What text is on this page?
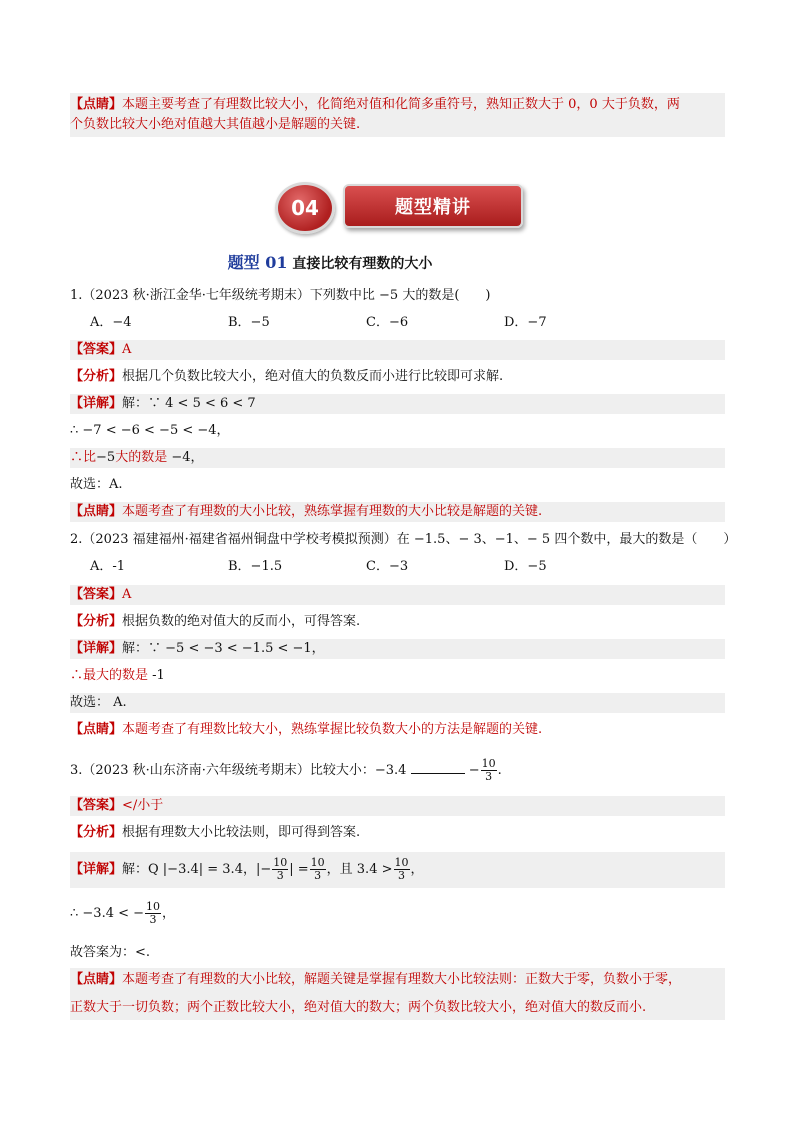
04	题型精讲
题型 01 直接比较有理数的大小
【点睛】本题主要考查了有理数比较大小，化简绝对值和化简多重符号，熟知正数大于 0，0 大于负数，两
个负数比较大小绝对值越大其值越小是解题的关键.
1.（2023 秋·浙江金华·七年级统考期末）下列数中比 −5 大的数是(　　)
A．−4	B．−5	C．−6	D．−7
【答案】A
【分析】根据几个负数比较大小，绝对值大的负数反而小进行比较即可求解.
【详解】解：∵ 4 < 5 < 6 < 7
∴ −7 < −6 < −5 < −4，
∴比−5大的数是 −4，
故选：A.
【点睛】本题考查了有理数的大小比较，熟练掌握有理数的大小比较是解题的关键.
2.（2023 福建福州·福建省福州铜盘中学校考模拟预测）在 −1.5、− 3、−1、− 5 四个数中，最大的数是（　　）
A．-1	B．−1.5	C．−3	D．−5
【答案】A
【分析】根据负数的绝对值大的反而小，可得答案.
【详解】解：∵ −5 < −3 < −1.5 < −1，
∴最大的数是 -1
故选： A.
【点睛】本题考查了有理数比较大小，熟练掌握比较负数大小的方法是解题的关键.
3.（2023 秋·山东济南·六年级统考期末）比较大小：−3.4	− $\frac{10}{3}$ .
【答案】</小于
【分析】根据有理数大小比较法则，即可得到答案.
【详解】解：Q |−3.4| = 3.4，|− $\frac{10}{3}$ | = $\frac{10}{3}$ ，且 $3.4 > \frac{10}{3}$ ，
∴ −3.4 < − $\frac{10}{3}$ ，
故答案为：<.
【点睛】本题考查了有理数的大小比较，解题关键是掌握有理数大小比较法则：正数大于零，负数小于零，
正数大于一切负数；两个正数比较大小，绝对值大的数大；两个负数比较大小，绝对值大的数反而小.
